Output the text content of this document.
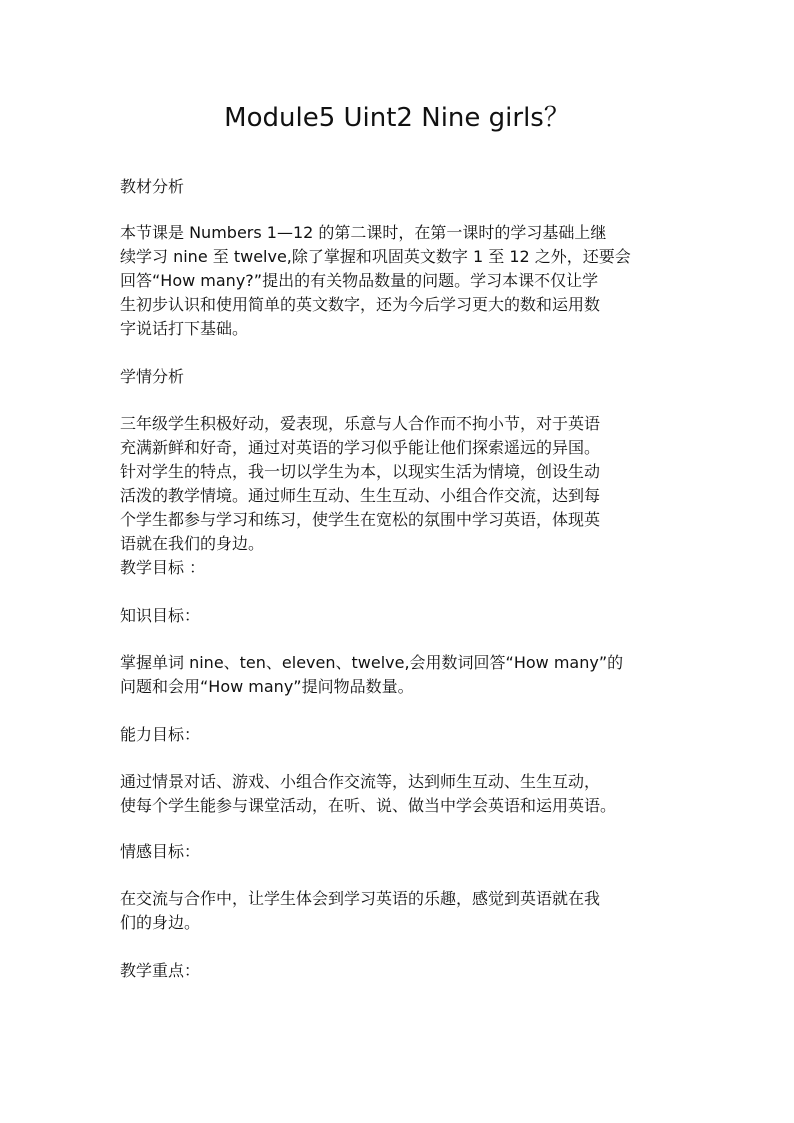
Module5 Uint2 Nine girls？
教材分析
本节课是 Numbers 1—12 的第二课时，在第一课时的学习基础上继
续学习 nine 至 twelve,除了掌握和巩固英文数字 1 至 12 之外，还要会
回答“How many?”提出的有关物品数量的问题。学习本课不仅让学
生初步认识和使用简单的英文数字，还为今后学习更大的数和运用数
字说话打下基础。
学情分析
三年级学生积极好动，爱表现，乐意与人合作而不拘小节，对于英语
充满新鲜和好奇，通过对英语的学习似乎能让他们探索遥远的异国。
针对学生的特点，我一切以学生为本，以现实生活为情境，创设生动
活泼的教学情境。通过师生互动、生生互动、小组合作交流，达到每
个学生都参与学习和练习，使学生在宽松的氛围中学习英语，体现英
语就在我们的身边。
教学目标 ：
知识目标：
掌握单词 nine、ten、eleven、twelve,会用数词回答“How many”的
问题和会用“How many”提问物品数量。
能力目标：
通过情景对话、游戏、小组合作交流等，达到师生互动、生生互动，
使每个学生能参与课堂活动，在听、说、做当中学会英语和运用英语。
情感目标：
在交流与合作中，让学生体会到学习英语的乐趣，感觉到英语就在我
们的身边。
教学重点：
